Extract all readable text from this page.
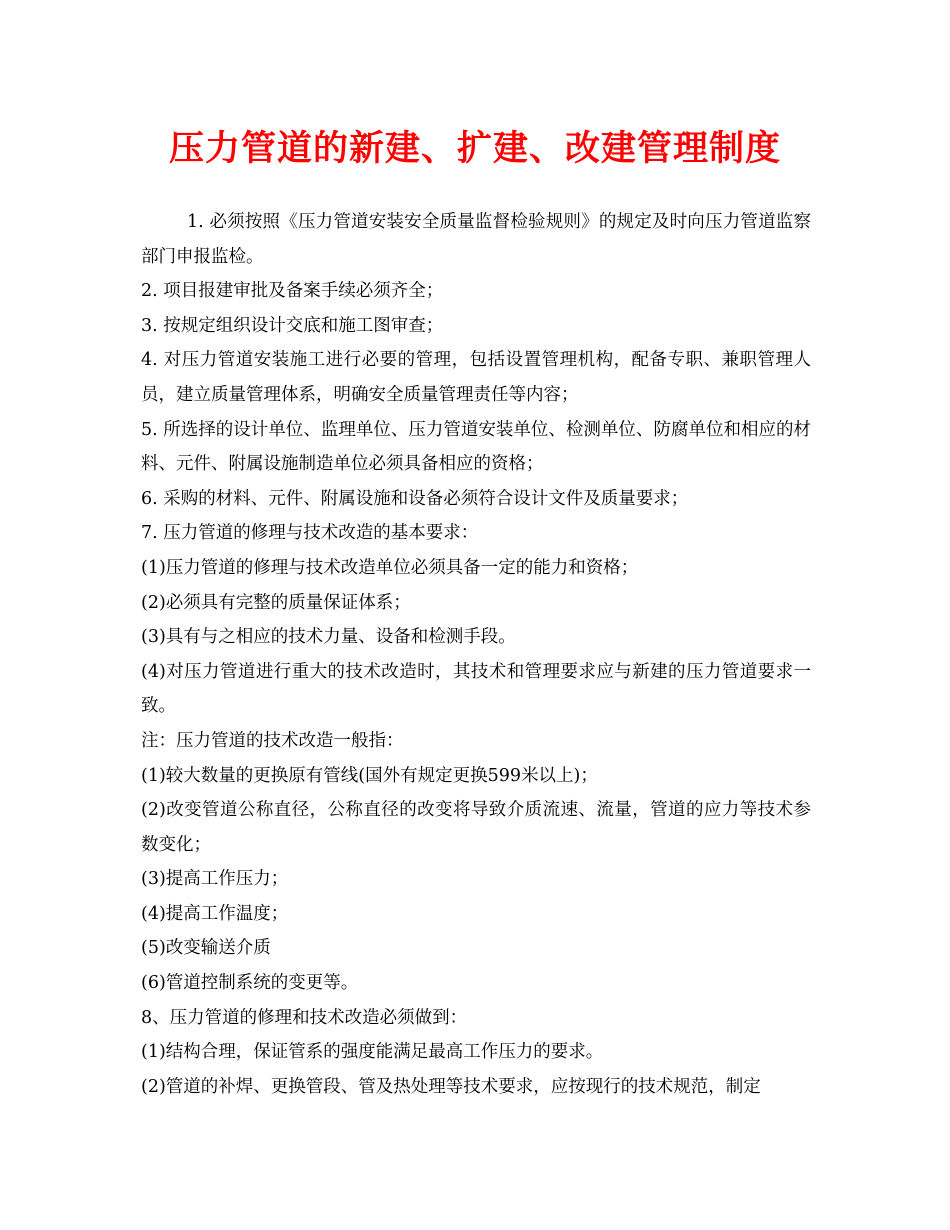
压力管道的新建、扩建、改建管理制度

1. 必须按照《压力管道安装安全质量监督检验规则》的规定及时向压力管道监察部门申报监检。

2. 项目报建审批及备案手续必须齐全；

3. 按规定组织设计交底和施工图审查；

4. 对压力管道安装施工进行必要的管理，包括设置管理机构，配备专职、兼职管理人员，建立质量管理体系，明确安全质量管理责任等内容；

5. 所选择的设计单位、监理单位、压力管道安装单位、检测单位、防腐单位和相应的材料、元件、附属设施制造单位必须具备相应的资格；

6. 采购的材料、元件、附属设施和设备必须符合设计文件及质量要求；

7. 压力管道的修理与技术改造的基本要求：

(1)压力管道的修理与技术改造单位必须具备一定的能力和资格；

(2)必须具有完整的质量保证体系；

(3)具有与之相应的技术力量、设备和检测手段。

(4)对压力管道进行重大的技术改造时，其技术和管理要求应与新建的压力管道要求一致。

注：压力管道的技术改造一般指：

(1)较大数量的更换原有管线(国外有规定更换599米以上)；

(2)改变管道公称直径，公称直径的改变将导致介质流速、流量，管道的应力等技术参数变化；

(3)提高工作压力；

(4)提高工作温度；

(5)改变输送介质

(6)管道控制系统的变更等。

8、压力管道的修理和技术改造必须做到：

(1)结构合理，保证管系的强度能满足最高工作压力的要求。

(2)管道的补焊、更换管段、管及热处理等技术要求，应按现行的技术规范，制定
